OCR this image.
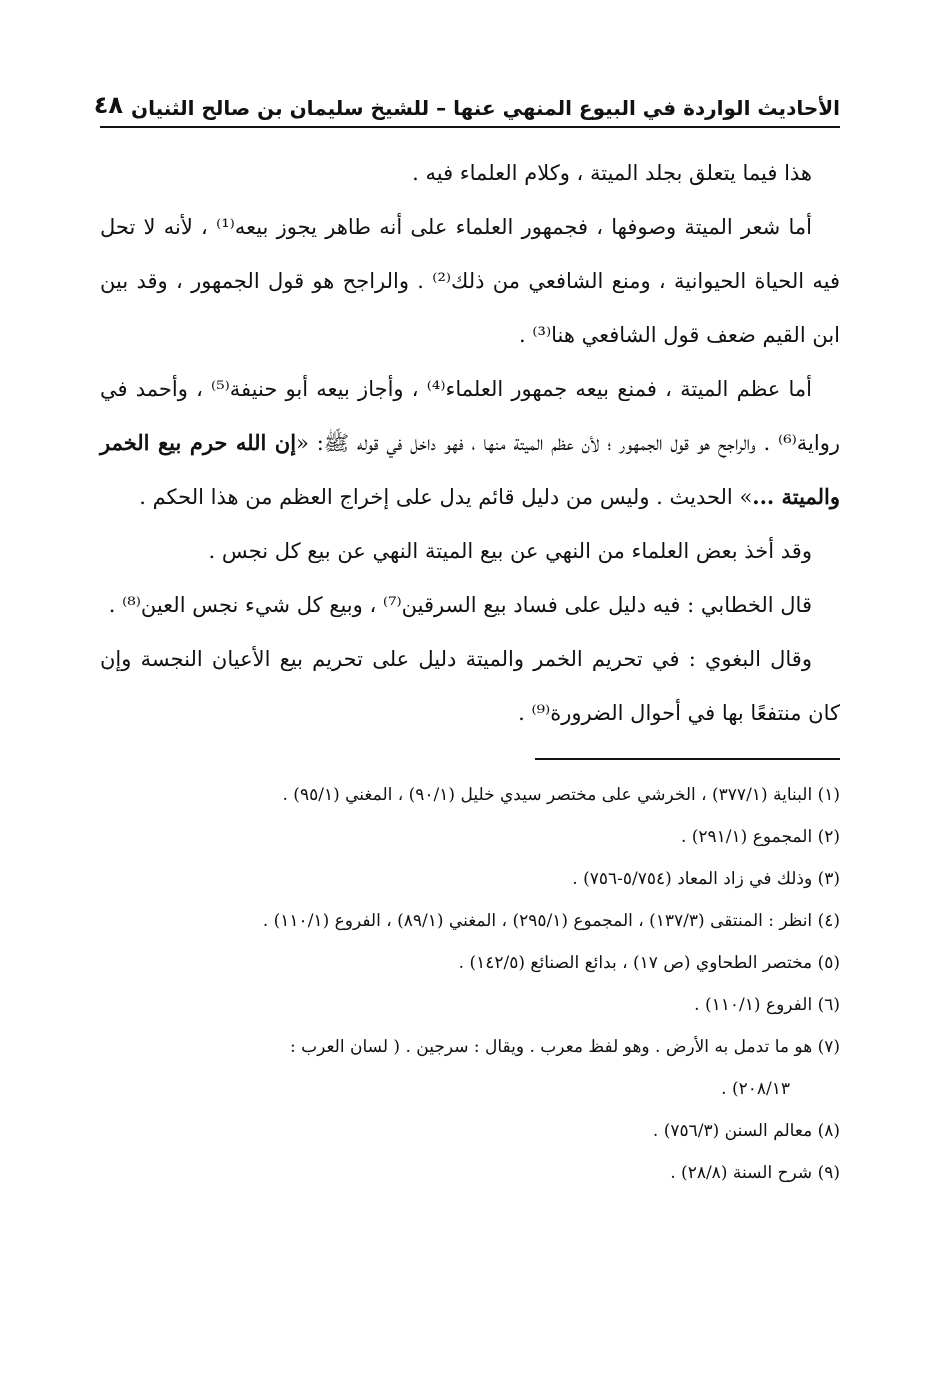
الأحاديث الواردة في البيوع المنهي عنها – للشيخ سليمان بن صالح الثنيان
٤٨

هذا فيما يتعلق بجلد الميتة ، وكلام العلماء فيه .

أما شعر الميتة وصوفها ، فجمهور العلماء على أنه طاهر يجوز بيعه⁽¹⁾ ، لأنه لا تحل فيه الحياة الحيوانية ، ومنع الشافعي من ذلك⁽²⁾ . والراجح هو قول الجمهور ، وقد بين ابن القيم ضعف قول الشافعي هنا⁽³⁾ .

أما عظم الميتة ، فمنع بيعه جمهور العلماء⁽⁴⁾ ، وأجاز بيعه أبو حنيفة⁽⁵⁾ ، وأحمد في رواية⁽⁶⁾ . والراجح هو قول الجمهور ؛ لأن عظم الميتة منها ، فهو داخل في قوله ﷺ: «إن الله حرم بيع الخمر والميتة ...» الحديث . وليس من دليل قائم يدل على إخراج العظم من هذا الحكم .

وقد أخذ بعض العلماء من النهي عن بيع الميتة النهي عن بيع كل نجس .

قال الخطابي : فيه دليل على فساد بيع السرقين⁽⁷⁾ ، وبيع كل شيء نجس العين⁽⁸⁾ .

وقال البغوي : في تحريم الخمر والميتة دليل على تحريم بيع الأعيان النجسة وإن كان منتفعًا بها في أحوال الضرورة⁽⁹⁾ .

(١) البناية (٣٧٧/١) ، الخرشي على مختصر سيدي خليل (٩٠/١) ، المغني (٩٥/١) .

(٢) المجموع (٢٩١/١) .

(٣) وذلك في زاد المعاد (٥/٧٥٤-٧٥٦) .

(٤) انظر : المنتقى (١٣٧/٣) ، المجموع (٢٩٥/١) ، المغني (٨٩/١) ، الفروع (١١٠/١) .

(٥) مختصر الطحاوي (ص ١٧) ، بدائع الصنائع (١٤٢/٥) .

(٦) الفروع (١١٠/١) .

(٧) هو ما تدمل به الأرض . وهو لفظ معرب . ويقال : سرجين . ( لسان العرب :
٢٠٨/١٣) .

(٨) معالم السنن (٧٥٦/٣) .

(٩) شرح السنة (٢٨/٨) .
